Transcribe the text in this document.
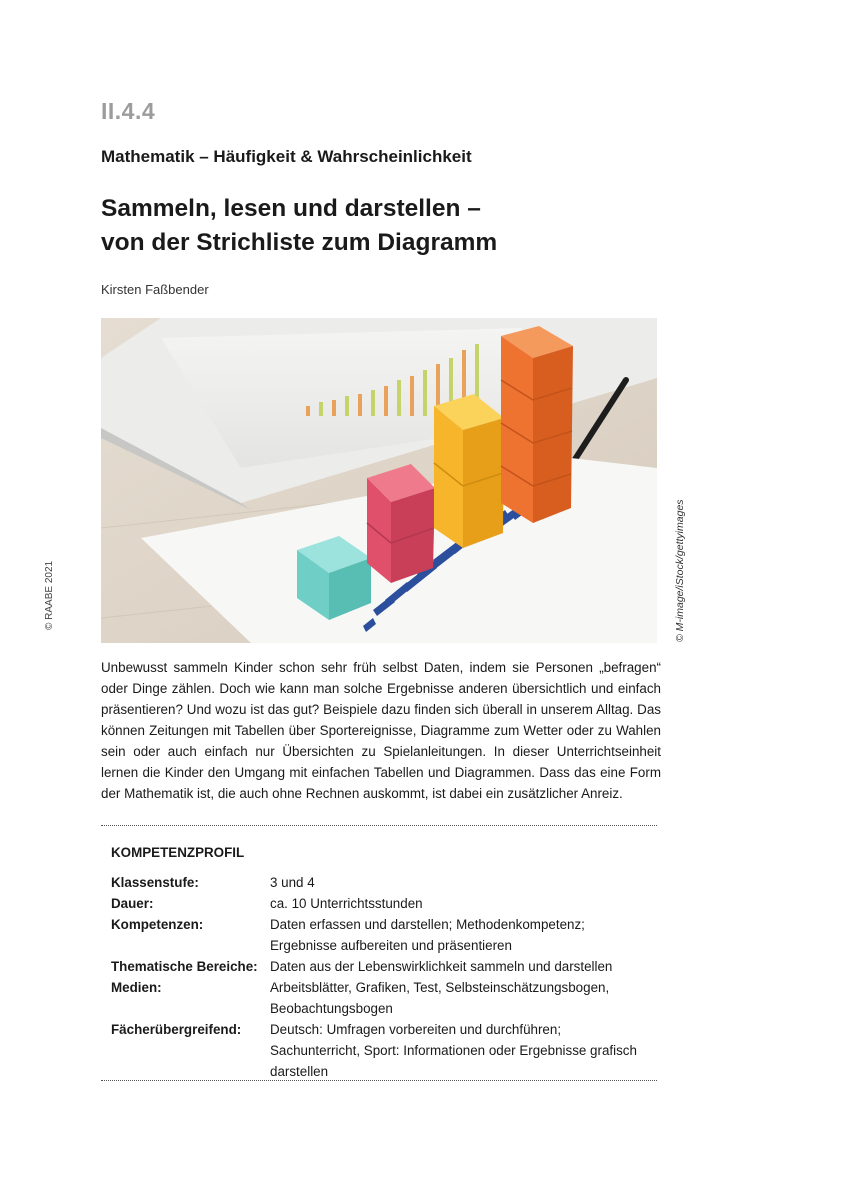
II.4.4
Mathematik – Häufigkeit & Wahrscheinlichkeit
Sammeln, lesen und darstellen –
von der Strichliste zum Diagramm
Kirsten Faßbender
© M-image/iStock/gettyimages
© RAABE 2021

Unbewusst sammeln Kinder schon sehr früh selbst Daten, indem sie Personen „befragen“ oder Dinge zählen. Doch wie kann man solche Ergebnisse anderen übersichtlich und einfach präsentieren? Und wozu ist das gut? Beispiele dazu finden sich überall in unserem Alltag. Das können Zeitungen mit Tabellen über Sportereignisse, Diagramme zum Wetter oder zu Wahlen sein oder auch einfach nur Übersichten zu Spielanleitungen. In dieser Unterrichtseinheit lernen die Kinder den Umgang mit einfachen Tabellen und Diagrammen. Dass das eine Form der Mathematik ist, die auch ohne Rechnen auskommt, ist dabei ein zusätzlicher Anreiz.

KOMPETENZPROFIL
Klassenstufe:	3 und 4
Dauer:	ca. 10 Unterrichtsstunden
Kompetenzen:	Daten erfassen und darstellen; Methodenkompetenz; Ergebnisse aufbereiten und präsentieren
Thematische Bereiche: Daten aus der Lebenswirklichkeit sammeln und darstellen
Medien:	Arbeitsblätter, Grafiken, Test, Selbsteinschätzungsbogen, Beobachtungsbogen
Fächerübergreifend:	Deutsch: Umfragen vorbereiten und durchführen; Sachunterricht, Sport: Informationen oder Ergebnisse grafisch darstellen
